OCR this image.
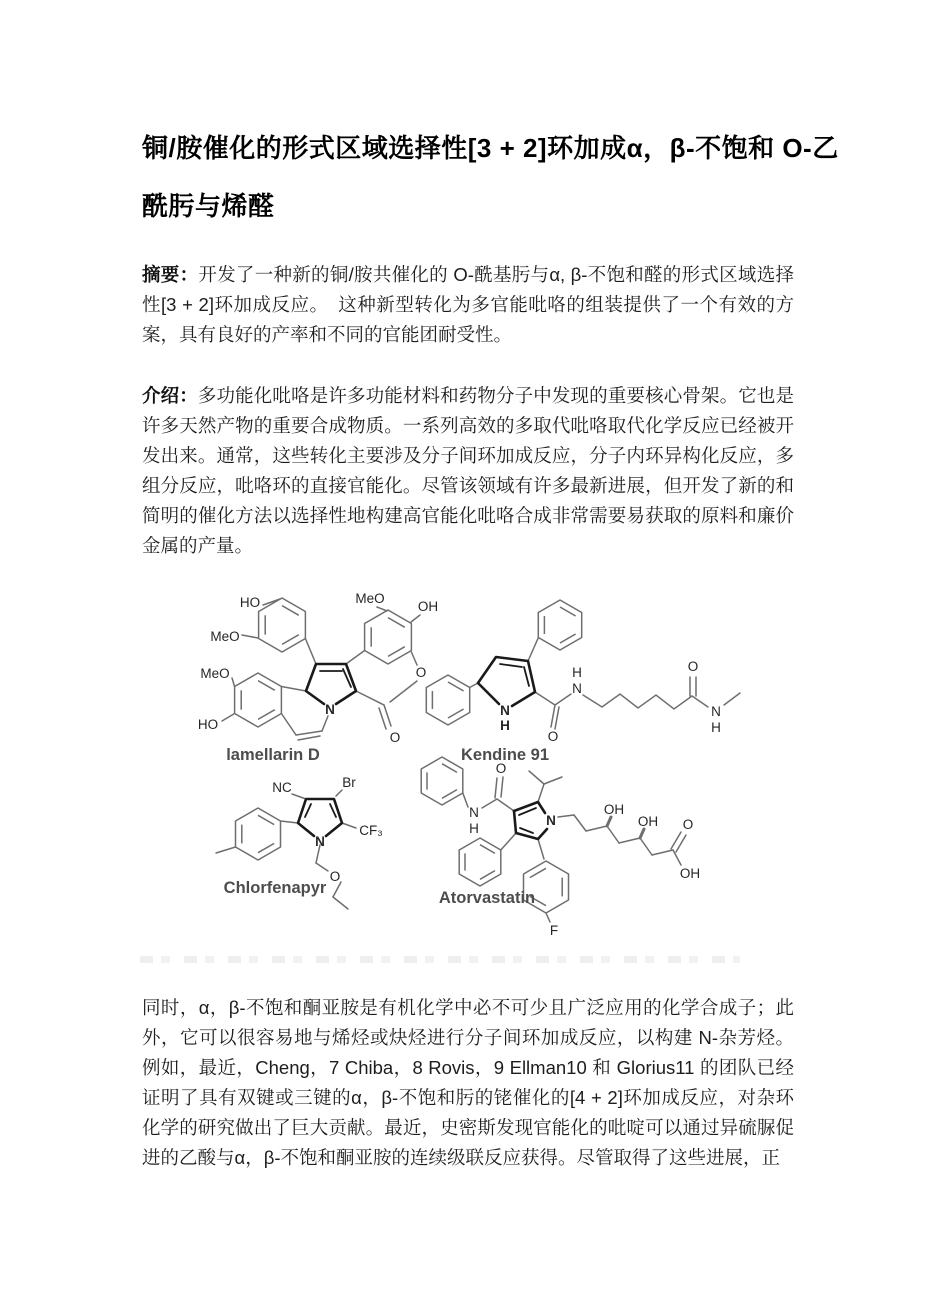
铜/胺催化的形式区域选择性[3 + 2]环加成α，β-不饱和 O-乙
酰肟与烯醛
摘要：开发了一种新的铜/胺共催化的 O-酰基肟与α, β-不饱和醛的形式区域选择性[3 + 2]环加成反应。　这种新型转化为多官能吡咯的组装提供了一个有效的方案，具有良好的产率和不同的官能团耐受性。
介绍：多功能化吡咯是许多功能材料和药物分子中发现的重要核心骨架。它也是许多天然产物的重要合成物质。一系列高效的多取代吡咯取代化学反应已经被开发出来。通常，这些转化主要涉及分子间环加成反应，分子内环异构化反应，多组分反应，吡咯环的直接官能化。尽管该领域有许多最新进展，但开发了新的和简明的催化方法以选择性地构建高官能化吡咯合成非常需要易获取的原料和廉价金属的产量。
HO
MeO
MeO
HO
MeO
OH
O
O
N
lamellarin D
N
H
O
H
N
O
N
H
Kendine 91
NC	Br
CF₃
N
O
Chlorfenapyr
O
N
H
N
OH
OH O
OH
F
Atorvastatin
同时，α，β-不饱和酮亚胺是有机化学中必不可少且广泛应用的化学合成子；此外，它可以很容易地与烯烃或炔烃进行分子间环加成反应，以构建 N-杂芳烃。例如，最近，Cheng，7 Chiba，8 Rovis，9 Ellman10 和 Glorius11 的团队已经证明了具有双键或三键的α，β-不饱和肟的铑催化的[4 + 2]环加成反应，对杂环化学的研究做出了巨大贡献。最近，史密斯发现官能化的吡啶可以通过异硫脲促进的乙酸与α，β-不饱和酮亚胺的连续级联反应获得。尽管取得了这些进展，正
